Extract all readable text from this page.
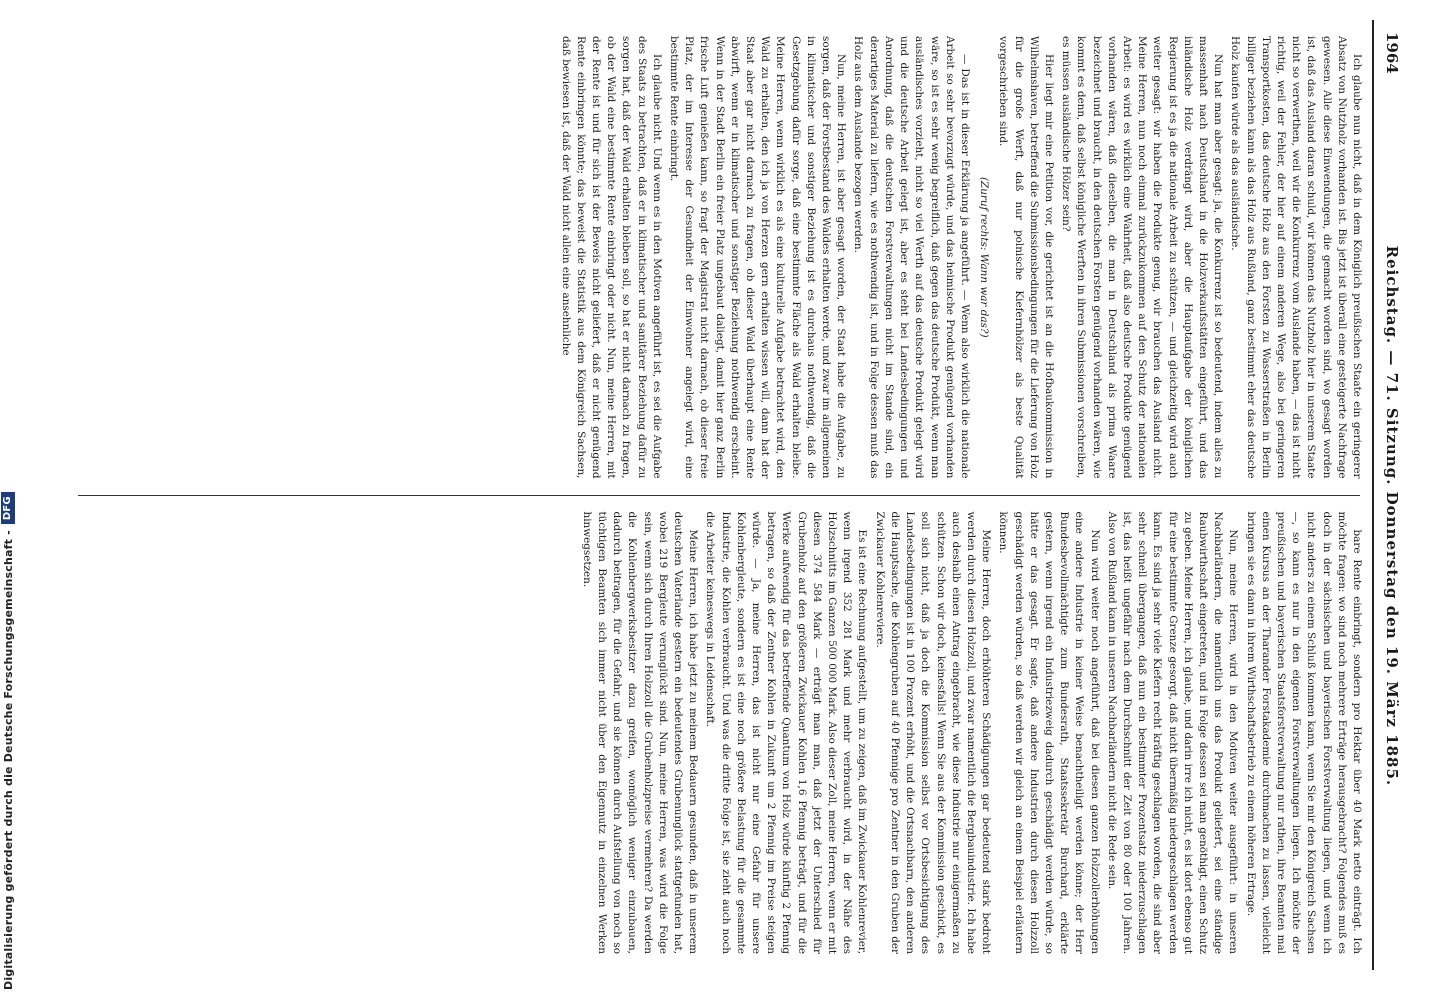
Digitalisierung gefördert durch die Deutsche Forschungsgemeinschaft -
DFG
1964
Reichstag. — 71. Sitzung. Donnerstag den 19. März 1885.

Ich glaube nun nicht, daß in dem Königlich preußischen Staate ein geringerer Absatz von Nutzholz vorhanden ist. Bis jetzt ist überall eine gesteigerte Nachfrage gewesen. Alle diese Einwendungen, die gemacht worden sind, wo gesagt worden ist, daß das Ausland daran schuld, wir können das Nutzholz hier in unserem Staate nicht so verwerthen, weil wir die Konkurrenz vom Auslande haben, — das ist nicht richtig, weil der Fehler, der hier auf einem anderen Wege, also bei geringeren Transportkosten, das deutsche Holz aus den Forsten zu Wasserstraßen in Berlin billiger beziehen kann als das Holz aus Rußland, ganz bestimmt eher das deutsche Holz kaufen würde als das ausländische.

Nun hat man aber gesagt: ja, die Konkurrenz ist so bedeutend, indem alles zu massenhaft nach Deutschland in die Holzverkaufsstätten eingeführt, und das inländische Holz verdrängt wird, aber die Hauptaufgabe der königlichen Regierung ist es ja die nationale Arbeit zu schützen, — und gleichzeitig wird auch weiter gesagt: wir haben die Produkte genug, wir brauchen das Ausland nicht. Meine Herren, nun noch einmal zurückzukommen auf den Schutz der nationalen Arbeit: es wird es wirklich eine Wahrheit, daß also deutsche Produkte genügend vorhanden wären, daß dieselben, die man in Deutschland als prima Waare bezeichnet und braucht, in den deutschen Forsten genügend vorhanden wären, wie kommt es denn, daß selbst königliche Werften in ihren Submissionen vorschreiben, es müssen ausländische Hölzer sein?

Hier liegt mir eine Petition vor, die gerichtet ist an die Hofbaukommission in Wilhelmshaven, betreffend die Submissionsbedingungen für die Lieferung von Holz für die große Werft, daß nur polnische Kiefernhölzer als beste Qualität vorgeschrieben sind.

(Zuruf rechts: Wann war das?)

— Das ist in dieser Erklärung ja angeführt. — Wenn also wirklich die nationale Arbeit so sehr bevorzugt würde, und das heimische Produkt genügend vorhanden wäre, so ist es sehr wenig begreiflich, daß gegen das deutsche Produkt, wenn man ausländisches vorzieht, nicht so viel Werth auf das deutsche Produkt gelegt wird und die deutsche Arbeit gelegt ist, aber es steht bei Landesbedingungen und Anordnung, daß die deutschen Forstverwaltungen nicht im Stande sind, ein derartiges Material zu liefern, wie es nothwendig ist, und in Folge dessen muß das Holz aus dem Auslande bezogen werden.

Nun, meine Herren, ist aber gesagt worden, der Staat habe die Aufgabe, zu sorgen, daß der Forstbestand des Waldes erhalten werde, und zwar im allgemeinen in klimatischer und sonstiger Beziehung ist es durchaus nothwendig, daß die Gesetzgebung dafür sorge, daß eine bestimmte Fläche als Wald erhalten bleibe. Meine Herren, wenn wirklich es als eine kulturelle Aufgabe betrachtet wird, den Wald zu erhalten, den ich ja von Herzen gern erhalten wissen will, dann hat der Staat aber gar nicht darnach zu fragen, ob dieser Wald überhaupt eine Rente abwirft, wenn er in klimatischer und sonstiger Beziehung nothwendig erscheint. Wenn in der Stadt Berlin ein freier Platz ungebaut daliegt, damit hier ganz Berlin frische Luft genießen kann, so fragt der Magistrat nicht darnach, ob dieser freie Platz, der im Interesse der Gesundheit der Einwohner angelegt wird, eine bestimmte Rente einbringt.

Ich glaube nicht. Und wenn es in den Motiven angeführt ist, es sei die Aufgabe des Staats zu betrachten, daß er in klimatischer und sanitärer Beziehung dafür zu sorgen hat, daß der Wald erhalten bleiben soll, so hat er nicht darnach zu fragen, ob der Wald eine bestimmte Rente einbringt oder nicht. Nun, meine Herren, mit der Rente ist und für sich ist der Beweis nicht geliefert, daß er nicht genügend Rente einbringen könnte; das beweist die Statistik aus dem Königreich Sachsen, daß bewiesen ist, daß der Wald nicht allein eine ansehnliche

bare Rente einbringt, sondern pro Hektar über 40 Mark netto einträgt. Ich möchte fragen: wo sind noch mehrere Erträge herausgebracht? Folgendes muß es doch in der sächsischen und bayerischen Forstverwaltung liegen, und wenn ich nicht anders zu einem Schluß kommen kann, wenn Sie mir den Königreich Sachsen —, so kann es nur in den eigenen Forstverwaltungen liegen. Ich möchte der preußischen und bayerischen Staatsforstverwaltung nur rathen, ihre Beamten mal einen Kursus an der Tharander Forstakademie durchmachen zu lassen, vielleicht bringen sie es dann in ihrem Wirthschaftsbetrieb zu einem höheren Ertrage.

Nun, meine Herren, wird in den Motiven weiter ausgeführt: in unseren Nachbarländern, die namentlich uns das Produkt geliefert, sei eine ständige Raubwirthschaft eingetreten, und in Folge dessen sei man genöthigt, einen Schutz zu geben. Meine Herren, ich glaube, und darin irre ich nicht, es ist dort ebenso gut für eine bestimmte Grenze gesorgt, daß nicht übermäßig niedergeschlagen werden kann. Es sind ja sehr viele Kiefern recht kräftig geschlagen worden, die sind aber sehr schnell übergangen, daß nun ein bestimmter Prozentsatz niederzuschlagen ist, das heißt ungefähr nach dem Durchschnitt der Zeit von 80 oder 100 Jahren. Also von Rußland kann in unseren Nachbarländern nicht die Rede sein.

Nun wird weiter noch angeführt, daß bei diesen ganzen Holzzollerhöhungen eine andere Industrie in keiner Weise benachtheiligt werden könne; der Herr Bundesbevollmächtigte zum Bundesrath, Staatssekretär Burchard, erklärte gestern, wenn irgend ein Industriezweig dadurch geschädigt werden würde, so hätte er das gesagt. Er sagte, daß andere Industrien durch diesen Holzzoll geschädigt werden würden, so daß werden wir gleich an einem Beispiel erläutern können.

Meine Herren, doch erhöhteren Schädigungen gar bedeutend stark bedroht werden durch diesen Holzzoll, und zwar namentlich die Bergbauindustrie. Ich habe auch deshalb einen Antrag eingebracht, wie diese Industrie nur einigermaßen zu schützen. Schon wir doch, keinesfalls! Wenn Sie aus der Kommission geschickt, es soll sich nicht, daß ja doch die Kommission selbst vor Ortsbesichtigung des Landesbedingungen ist in 100 Prozent erhöht, und die Ortsnachbarn, den anderen die Hauptsache, die Kohlengruben auf 40 Pfennige pro Zentner in den Gruben der Zwickauer Kohlenreviere.

Es ist eine Rechnung aufgestellt, um zu zeigen, daß im Zwickauer Kohlenrevier, wenn irgend 352 281 Mark und mehr verbraucht wird, in der Nähe des Holzschnitts im Ganzen 500 000 Mark. Also dieser Zoll, meine Herren, wenn er mit diesen 374 584 Mark — erträgt man man, daß jetzt der Unterschied für Grubenholz auf den größeren Zwickauer Kohlen 1,6 Pfennig beträgt, und für die Werke aufwendig für das betreffende Quantum von Holz würde künftig 2 Pfennig betragen, so daß der Zentner Kohlen in Zukunft um 2 Pfennig im Preise steigen würde. — Ja, meine Herren, das ist nicht nur eine Gefahr für unsere Kohlenbergleute, sondern es ist eine noch größere Belastung für die gesammte Industrie, die Kohlen verbraucht. Und was die dritte Folge ist, sie zieht auch noch die Arbeiter keineswegs in Leidenschaft.

Meine Herren, ich habe jetzt zu meinem Bedauern gesunden, daß in unserem deutschen Vaterlande gestern ein bedeutendes Grubenunglück stattgefunden hat, wobei 219 Bergleute verunglückt sind. Nun, meine Herren, was wird die Folge sein, wenn sich durch Ihren Holzzoll die Grubenholzpreise vermehren? Da werden die Kohlenbergwerksbesitzer dazu greifen, womöglich weniger einzubauen, dadurch beitragen, für die Gefahr, und sie können durch Aufstellung von noch so tüchtigen Beamten sich immer nicht über den Eigennutz in einzelnen Werken hinwegsetzen.
